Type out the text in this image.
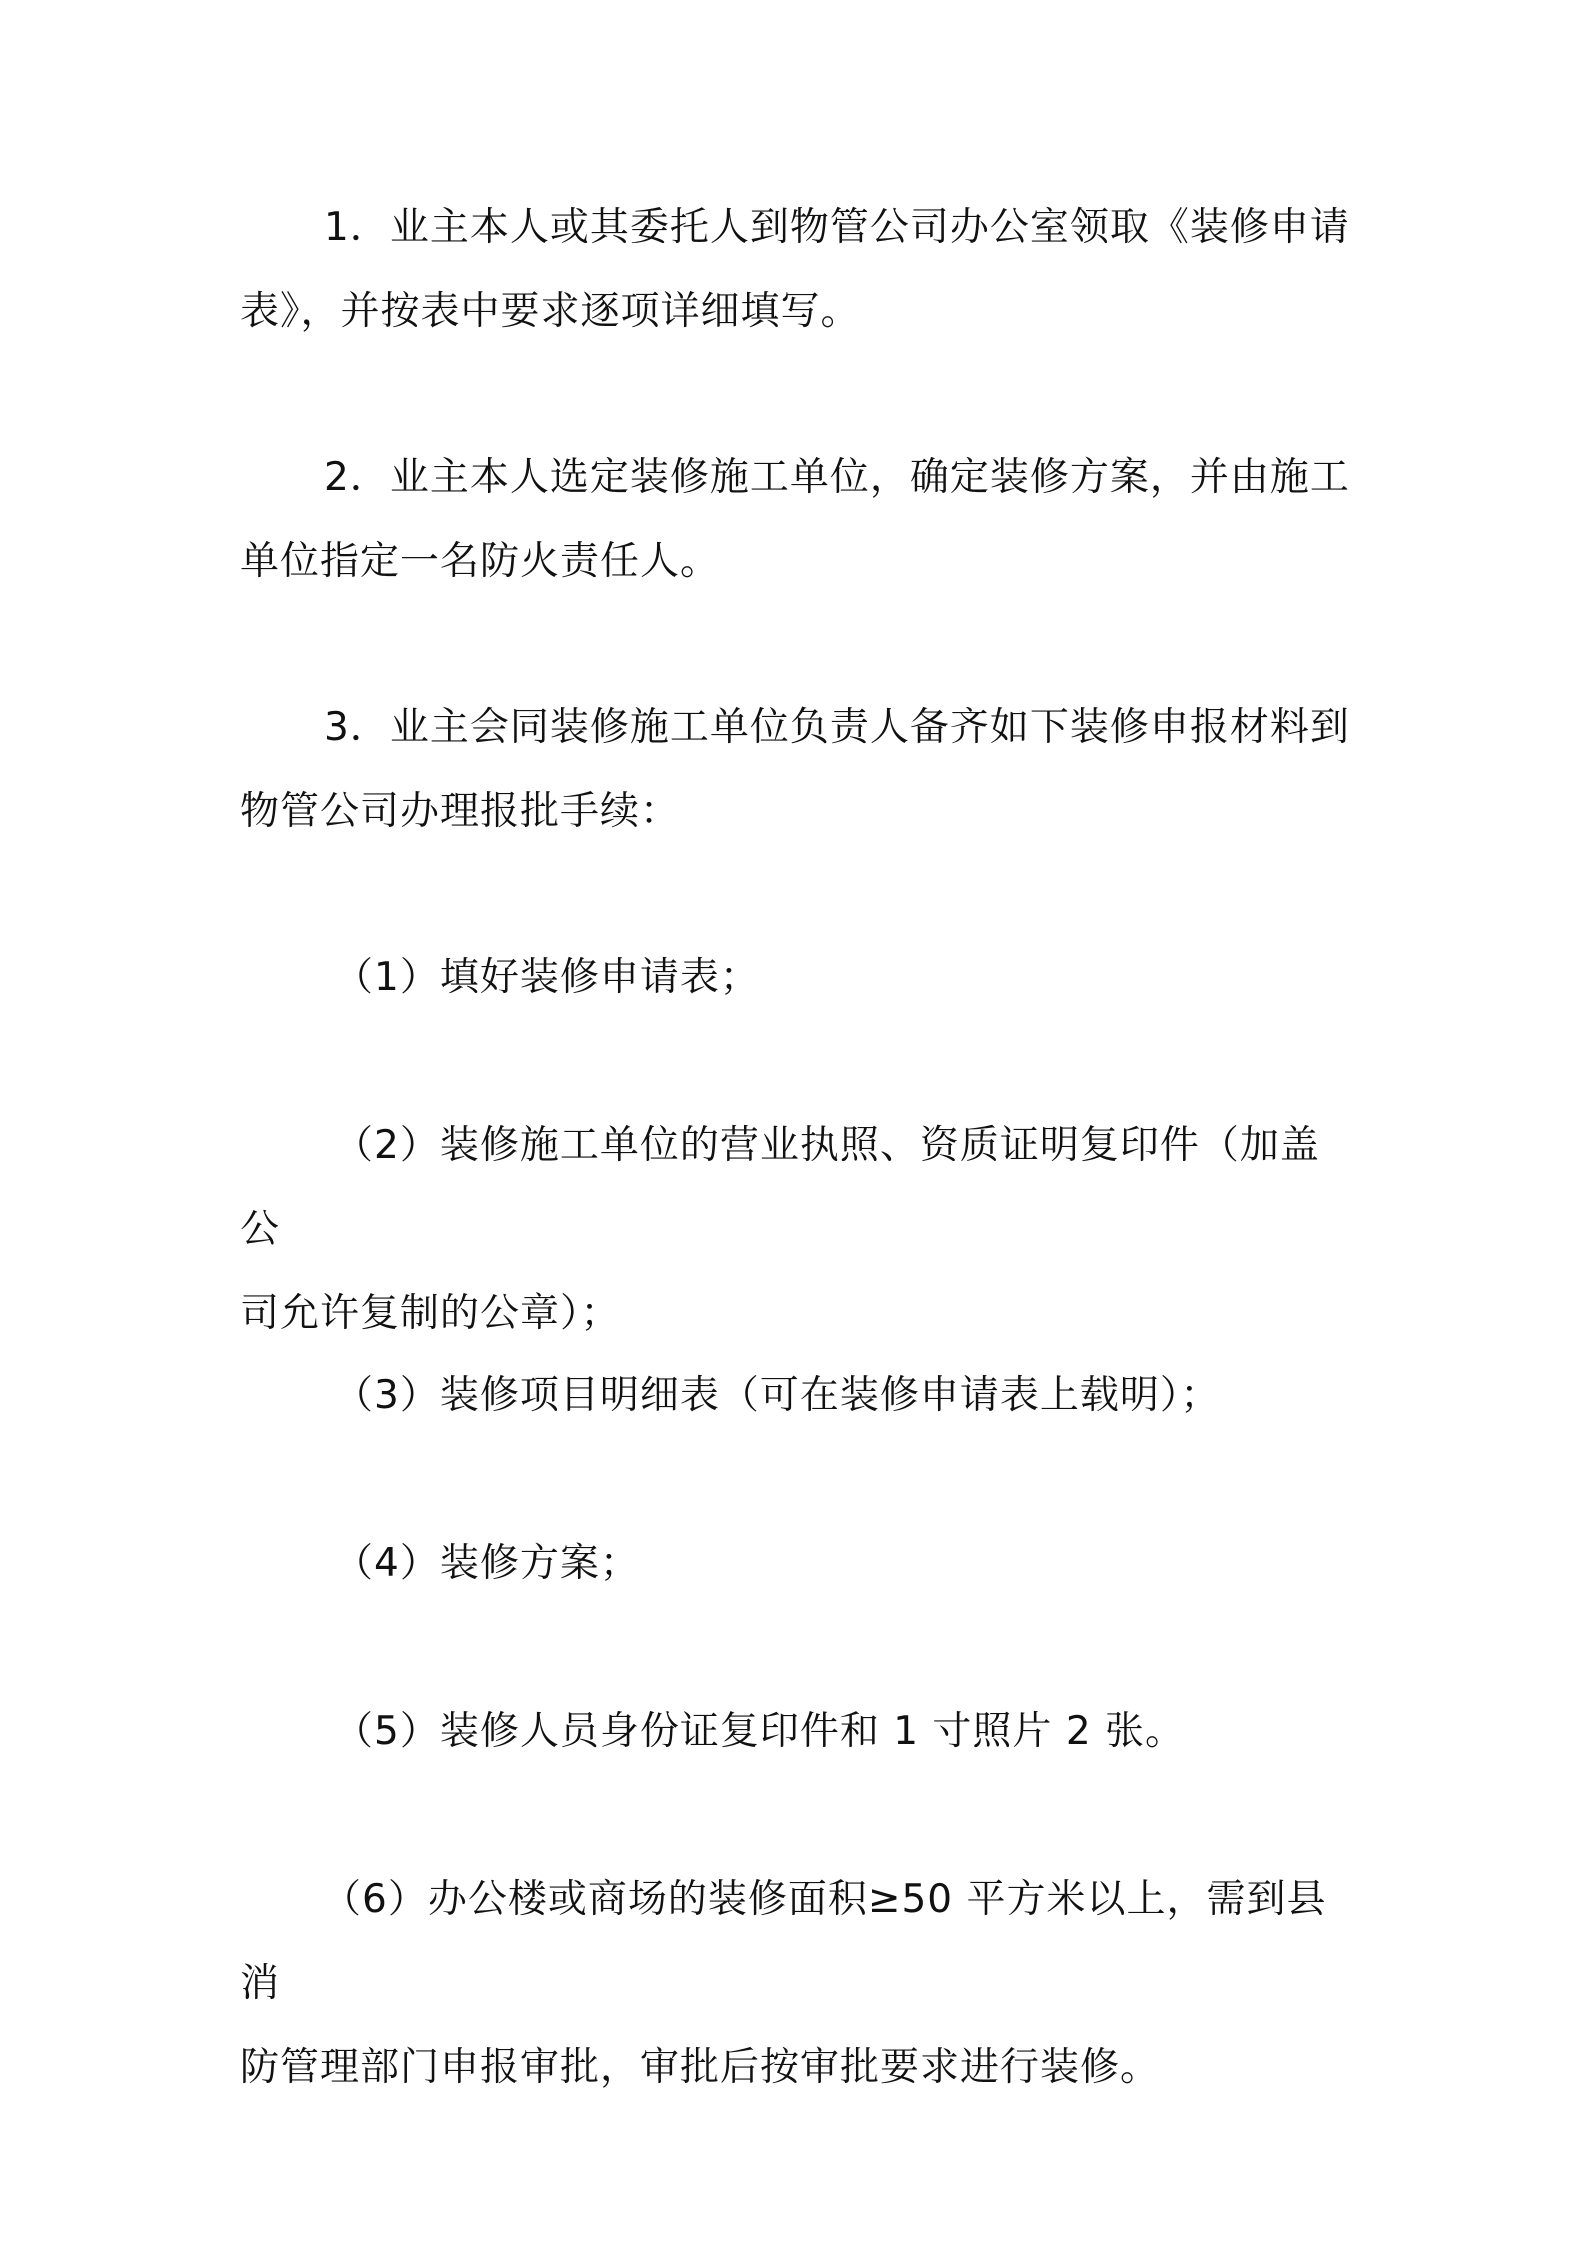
1．业主本人或其委托人到物管公司办公室领取《装修申请
表》，并按表中要求逐项详细填写。

2．业主本人选定装修施工单位，确定装修方案，并由施工
单位指定一名防火责任人。

3．业主会同装修施工单位负责人备齐如下装修申报材料到
物管公司办理报批手续：

（1）填好装修申请表；

（2）装修施工单位的营业执照、资质证明复印件（加盖公
司允许复制的公章）；

（3）装修项目明细表（可在装修申请表上载明）；

（4）装修方案；

（5）装修人员身份证复印件和 1 寸照片 2 张。

（6）办公楼或商场的装修面积≥50 平方米以上，需到县消
防管理部门申报审批，审批后按审批要求进行装修。
